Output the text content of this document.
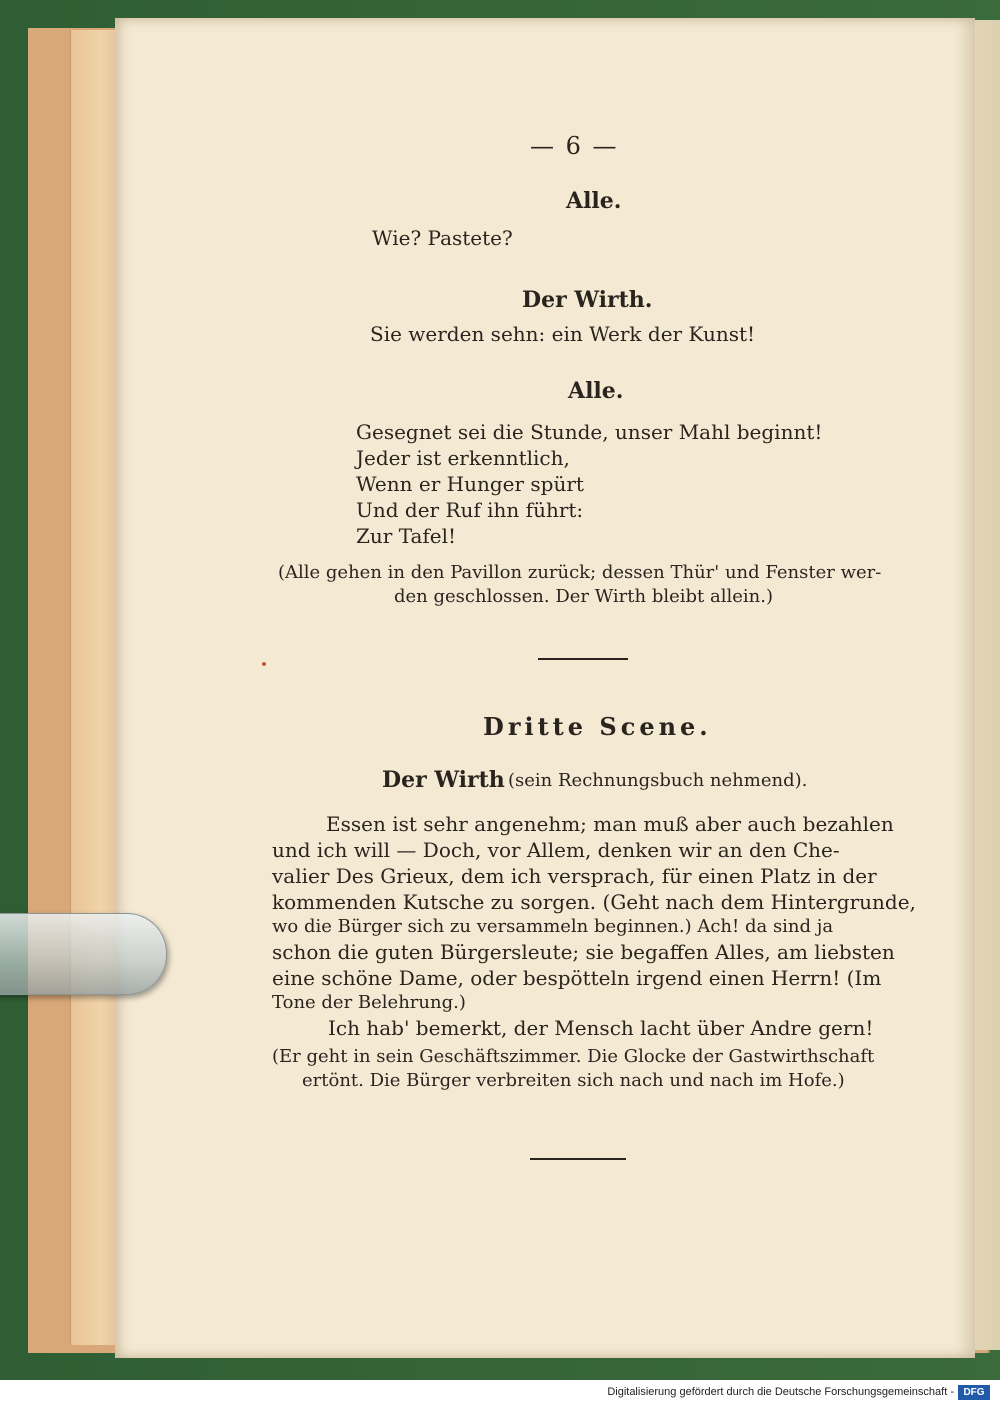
— 6 —
Alle.
Wie? Pastete?
Der Wirth.
Sie werden sehn: ein Werk der Kunst!
Alle.
Gesegnet sei die Stunde, unser Mahl beginnt!
Jeder ist erkenntlich,
Wenn er Hunger spürt
Und der Ruf ihn führt:
Zur Tafel!
(Alle gehen in den Pavillon zurück; dessen Thür' und Fenster wer-
den geschlossen. Der Wirth bleibt allein.)
Dritte Scene.
Der Wirth (sein Rechnungsbuch nehmend).
Essen ist sehr angenehm; man muß aber auch bezahlen
und ich will — Doch, vor Allem, denken wir an den Che-
valier Des Grieux, dem ich versprach, für einen Platz in der
kommenden Kutsche zu sorgen. (Geht nach dem Hintergrunde,
wo die Bürger sich zu versammeln beginnen.) Ach! da sind ja
schon die guten Bürgersleute; sie begaffen Alles, am liebsten
eine schöne Dame, oder bespötteln irgend einen Herrn! (Im
Tone der Belehrung.)
Ich hab' bemerkt, der Mensch lacht über Andre gern!
(Er geht in sein Geschäftszimmer. Die Glocke der Gastwirthschaft
ertönt. Die Bürger verbreiten sich nach und nach im Hofe.)
Digitalisierung gefördert durch die Deutsche Forschungsgemeinschaft - DFG
